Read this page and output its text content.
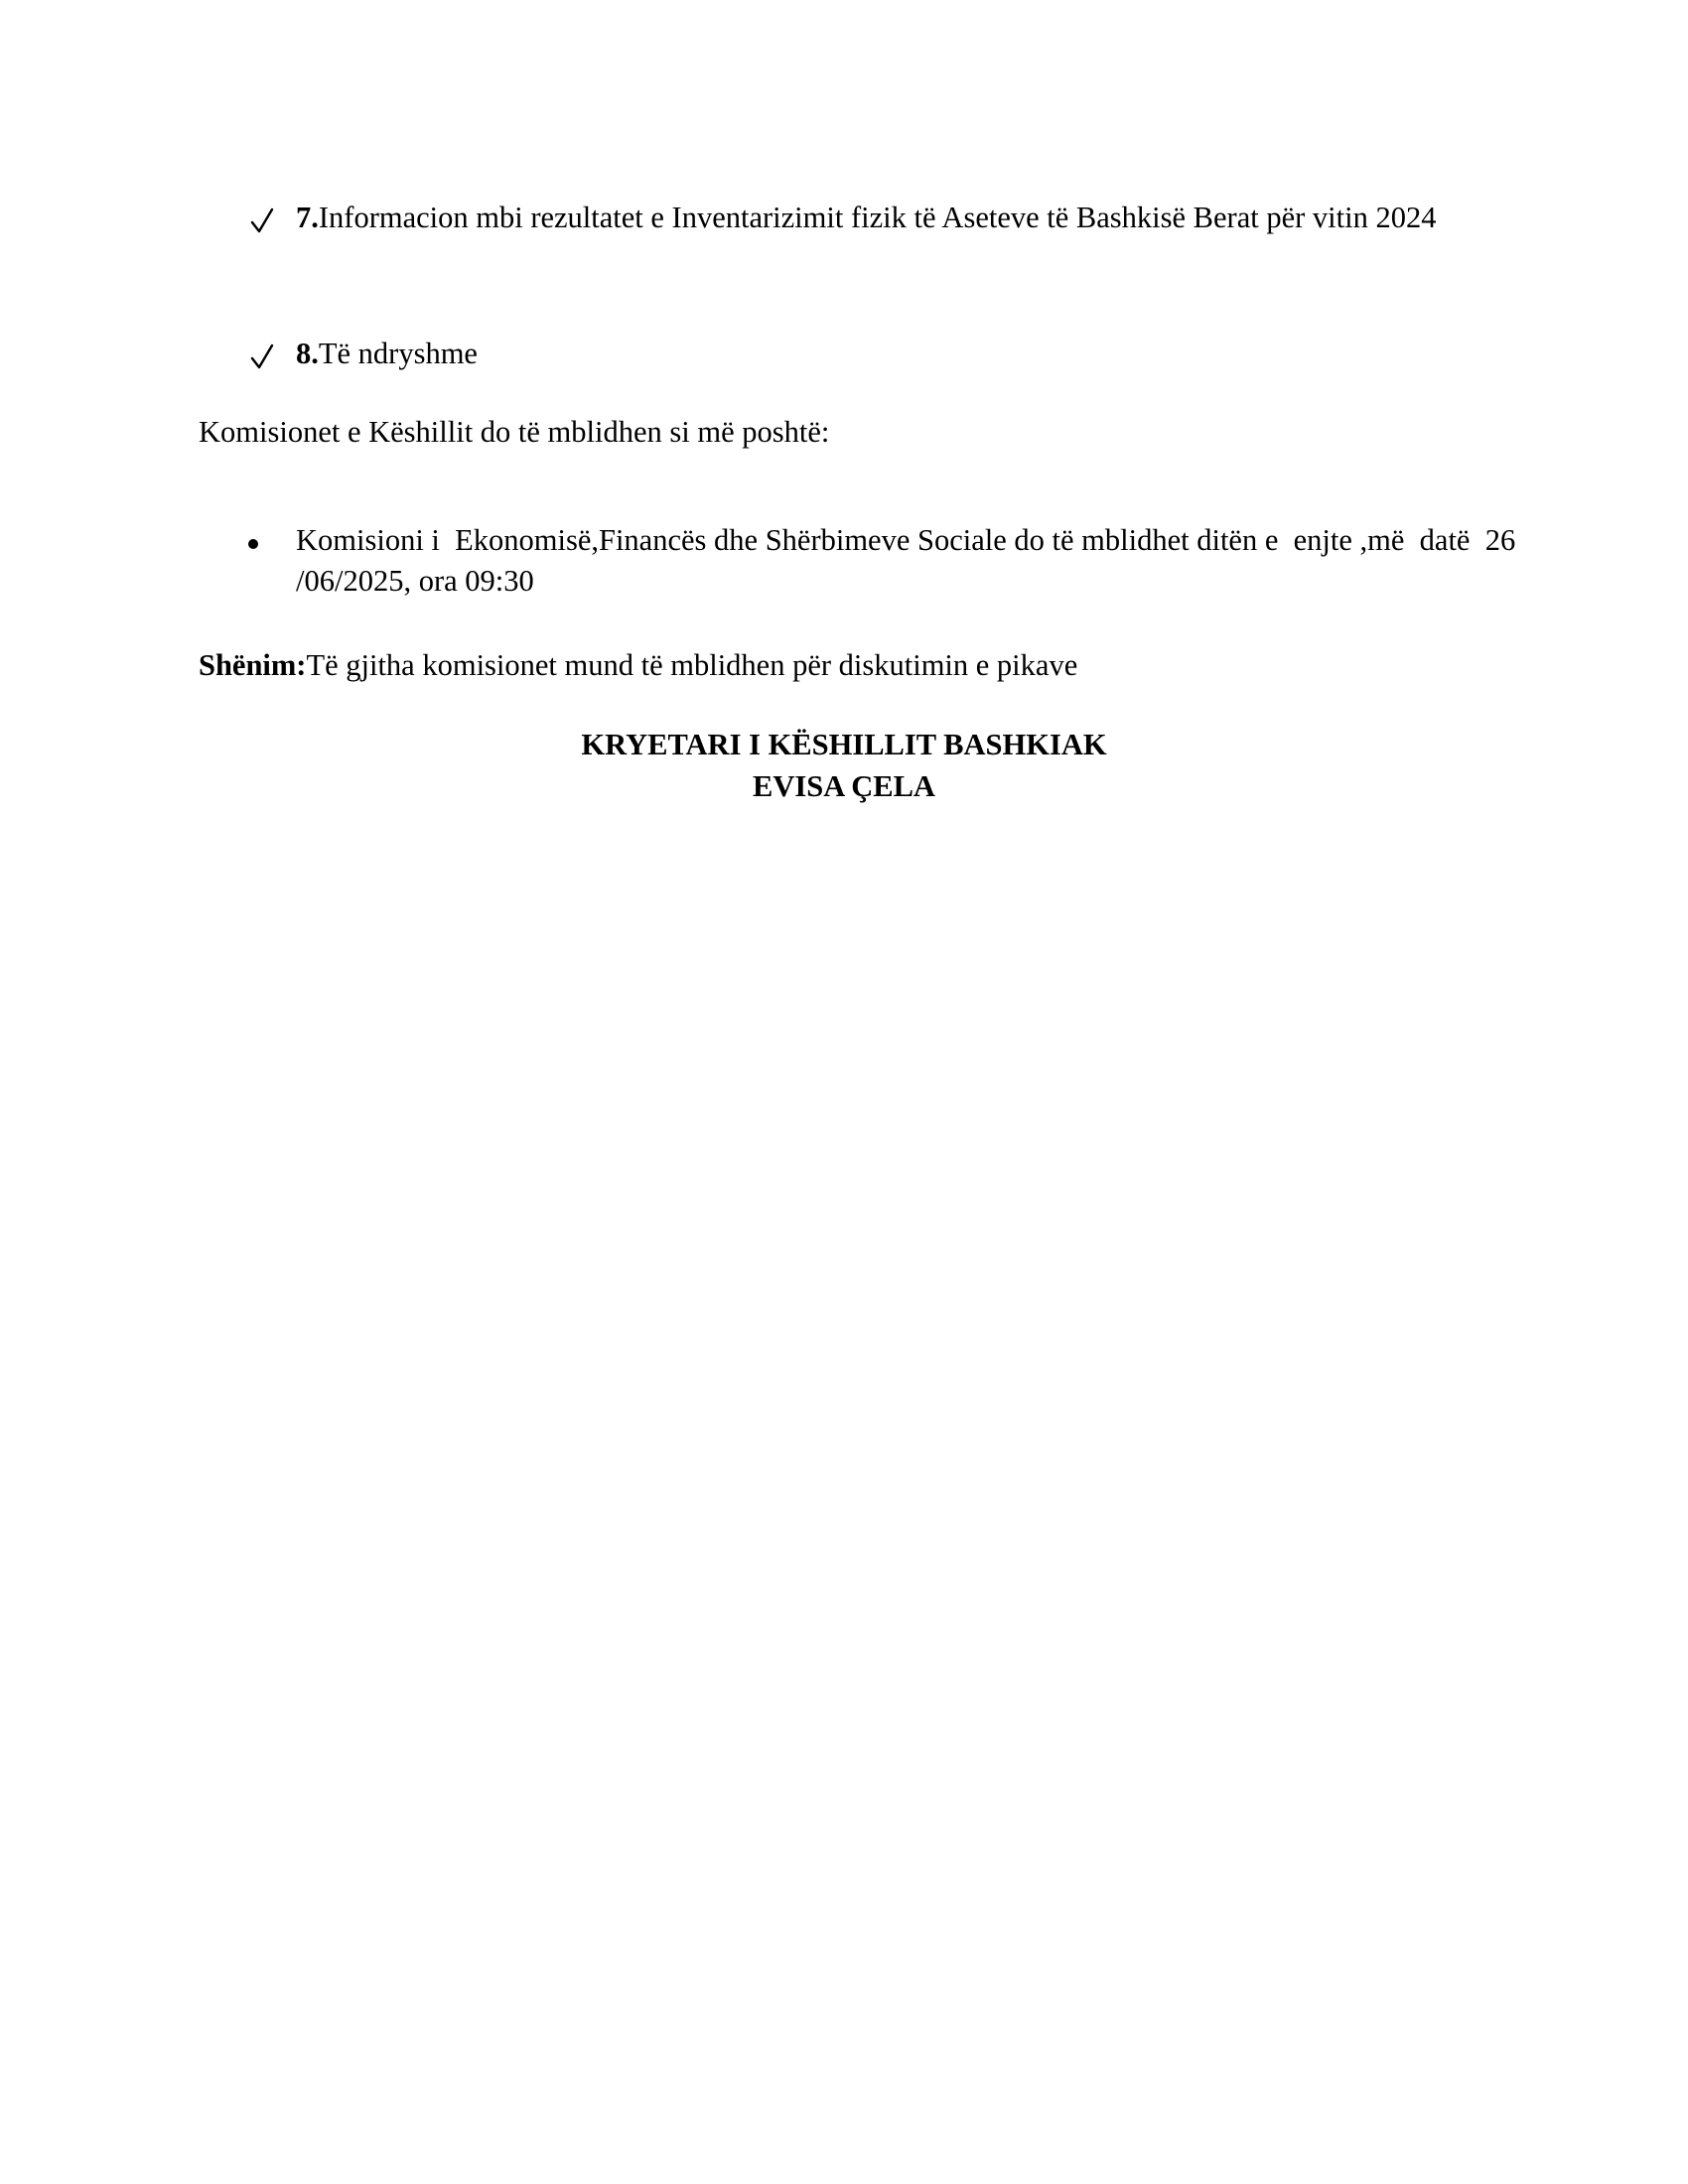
7.Informacion mbi rezultatet e Inventarizimit fizik të Aseteve të Bashkisë Berat për vitin 2024
8.Të ndryshme
Komisionet e Këshillit do të mblidhen si më poshtë:
Komisioni i  Ekonomisë,Financës dhe Shërbimeve Sociale do të mblidhet ditën e  enjte ,më  datë  26 /06/2025, ora 09:30
Shënim:Të gjitha komisionet mund të mblidhen për diskutimin e pikave
KRYETARI I KËSHILLIT BASHKIAK
EVISA ÇELA
